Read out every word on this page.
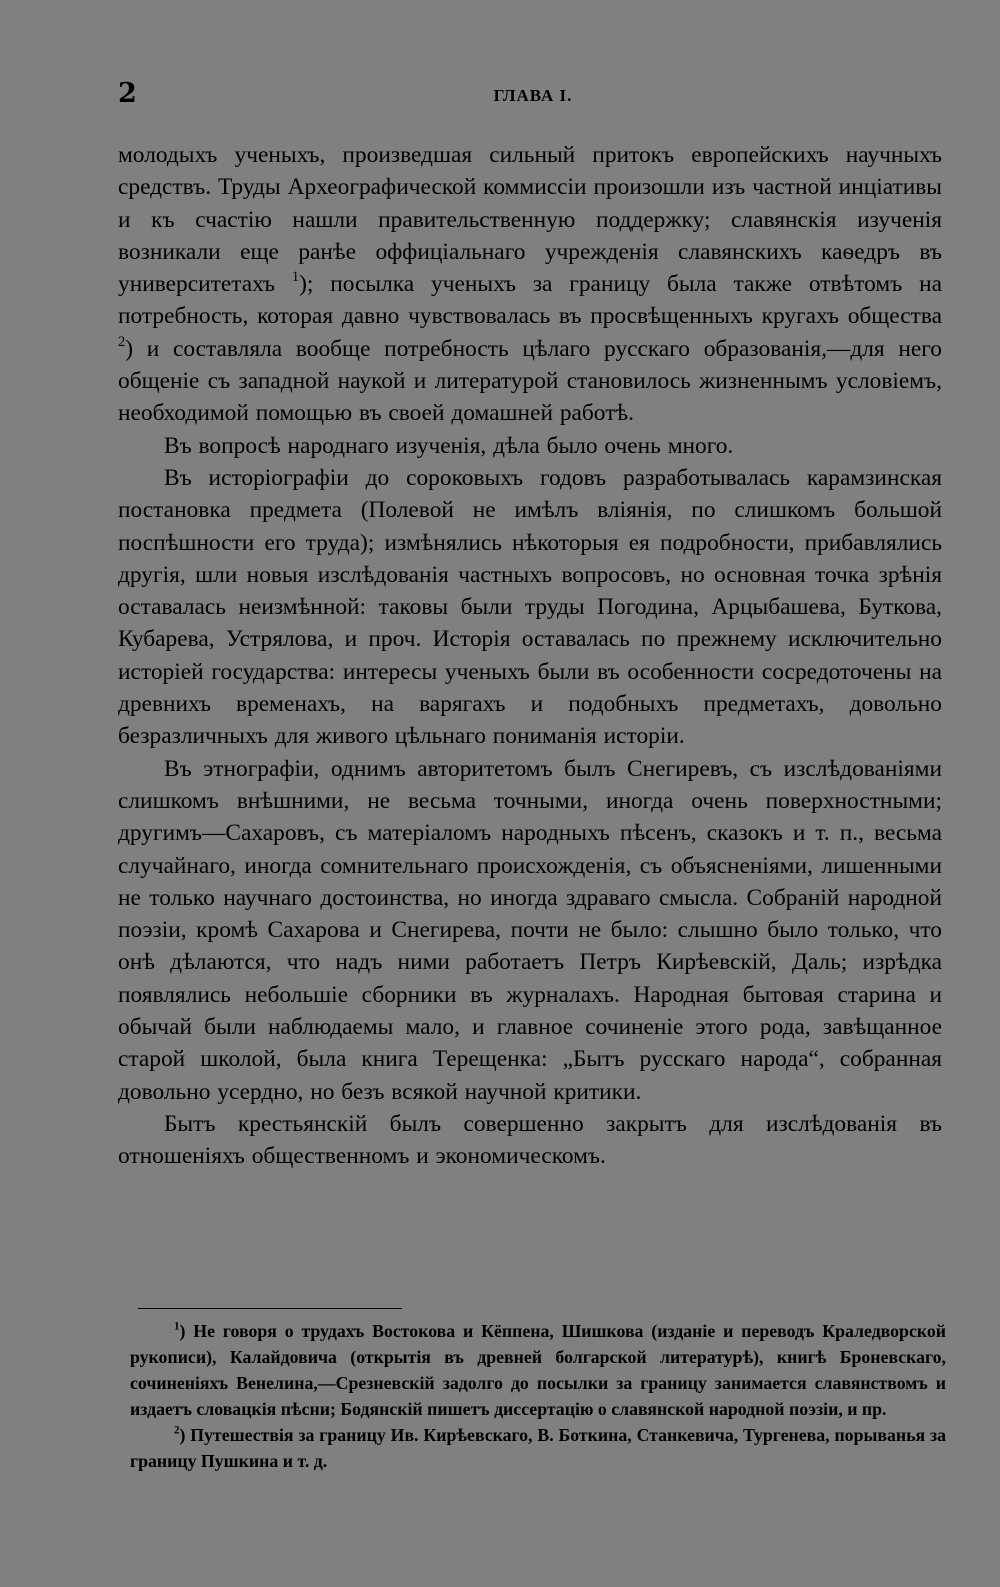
2	ГЛАВА I.

молодыхъ ученыхъ, произведшая сильный притокъ европейскихъ научныхъ средствъ. Труды Археографической коммиссіи произошли изъ частной инціативы и къ счастію нашли правительственную поддержку; славянскія изученія возникали еще ранѣе оффиціальнаго учрежденія славянскихъ каѳедръ въ университетахъ $^1$); посылка ученыхъ за границу была также отвѣтомъ на потребность, которая давно чувствовалась въ просвѣщенныхъ кругахъ общества $^2$) и составляла вообще потребность цѣлаго русскаго образованія,—для него общеніе съ западной наукой и литературой становилось жизненнымъ условіемъ, необходимой помощью въ своей домашней работѣ.

Въ вопросѣ народнаго изученія, дѣла было очень много.

Въ исторіографіи до сороковыхъ годовъ разработывалась карамзинская постановка предмета (Полевой не имѣлъ вліянія, по слишкомъ большой поспѣшности его труда); измѣнялись нѣкоторыя ея подробности, прибавлялись другія, шли новыя изслѣдованія частныхъ вопросовъ, но основная точка зрѣнія оставалась неизмѣнной: таковы были труды Погодина, Арцыбашева, Буткова, Кубарева, Устрялова, и проч. Исторія оставалась по прежнему исключительно исторіей государства: интересы ученыхъ были въ особенности сосредоточены на древнихъ временахъ, на варягахъ и подобныхъ предметахъ, довольно безразличныхъ для живого цѣльнаго пониманія исторіи.

Въ этнографіи, однимъ авторитетомъ былъ Снегиревъ, съ изслѣдованіями слишкомъ внѣшними, не весьма точными, иногда очень поверхностными; другимъ—Сахаровъ, съ матеріаломъ народныхъ пѣсенъ, сказокъ и т. п., весьма случайнаго, иногда сомнительнаго происхожденія, съ объясненіями, лишенными не только научнаго достоинства, но иногда здраваго смысла. Собраній народной поэзіи, кромѣ Сахарова и Снегирева, почти не было: слышно было только, что онѣ дѣлаются, что надъ ними работаетъ Петръ Кирѣевскій, Даль; изрѣдка появлялись небольшіе сборники въ журналахъ. Народная бытовая старина и обычай были наблюдаемы мало, и главное сочиненіе этого рода, завѣщанное старой школой, была книга Терещенка: „Бытъ русскаго народа“, собранная довольно усердно, но безъ всякой научной критики.

Бытъ крестьянскій былъ совершенно закрытъ для изслѣдованія въ отношеніяхъ общественномъ и экономическомъ.

$^1$) Не говоря о трудахъ Востокова и Кёппена, Шишкова (изданіе и переводъ Краледворской рукописи), Калайдовича (открытія въ древней болгарской литературѣ), книгѣ Броневскаго, сочиненіяхъ Венелина,—Срезневскій задолго до посылки за границу занимается славянствомъ и издаетъ словацкія пѣсни; Бодянскій пишетъ диссертацію о славянской народной поэзіи, и пр.

$^2$) Путешествія за границу Ив. Кирѣевскаго, В. Боткина, Станкевича, Тургенева, порыванья за границу Пушкина и т. д.
